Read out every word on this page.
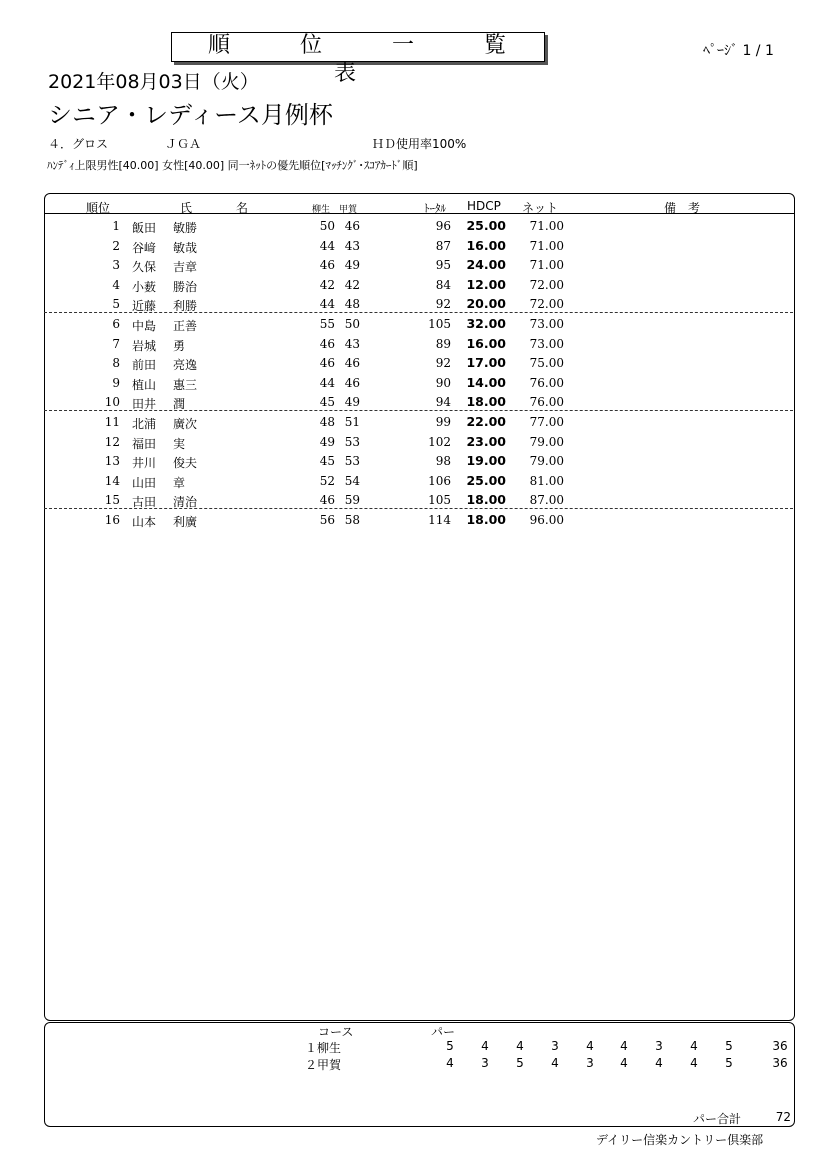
順　位　一　覧　表
ﾍﾟｰｼﾞ 1 / 1
2021年08月03日（火）
シニア・レディース月例杯
４．グロス	ＪＧＡ	ＨＤ使用率100%
ﾊﾝﾃﾞｨ上限男性[40.00] 女性[40.00] 同一ﾈｯﾄの優先順位[ﾏｯﾁﾝｸﾞ･ｽｺｱｶｰﾄﾞ順]
順位	氏	名	柳生 甲賀	ﾄｰﾀﾙ HDCP ネット	備　考
1 飯田 敏勝	50 46	96 25.00	71.00
2 谷﨑 敏哉	44 43	87 16.00	71.00
3 久保 吉章	46 49	95 24.00	71.00
4 小薮 勝治	42 42	84 12.00	72.00
5 近藤 利勝	44 48	92 20.00	72.00
6 中島 正善	55 50	105 32.00	73.00
7 岩城 勇	46 43	89 16.00	73.00
8 前田 亮逸	46 46	92 17.00	75.00
9 植山 惠三	44 46	90 14.00	76.00
10 田井 潤	45 49	94 18.00	76.00
11 北浦 廣次	48 51	99 22.00	77.00
12 福田 実	49 53	102 23.00	79.00
13 井川 俊夫	45 53	98 19.00	79.00
14 山田 章	52 54	106 25.00	81.00
15 古田 清治	46 59	105 18.00	87.00
16 山本 利廣	56 58	114 18.00	96.00
コース	パー
１柳生	5	4	4	3	4	4	3	4	5	36
２甲賀	4	3	5	4	3	4	4	4	5	36
パー合計	72
デイリー信楽カントリー倶楽部
